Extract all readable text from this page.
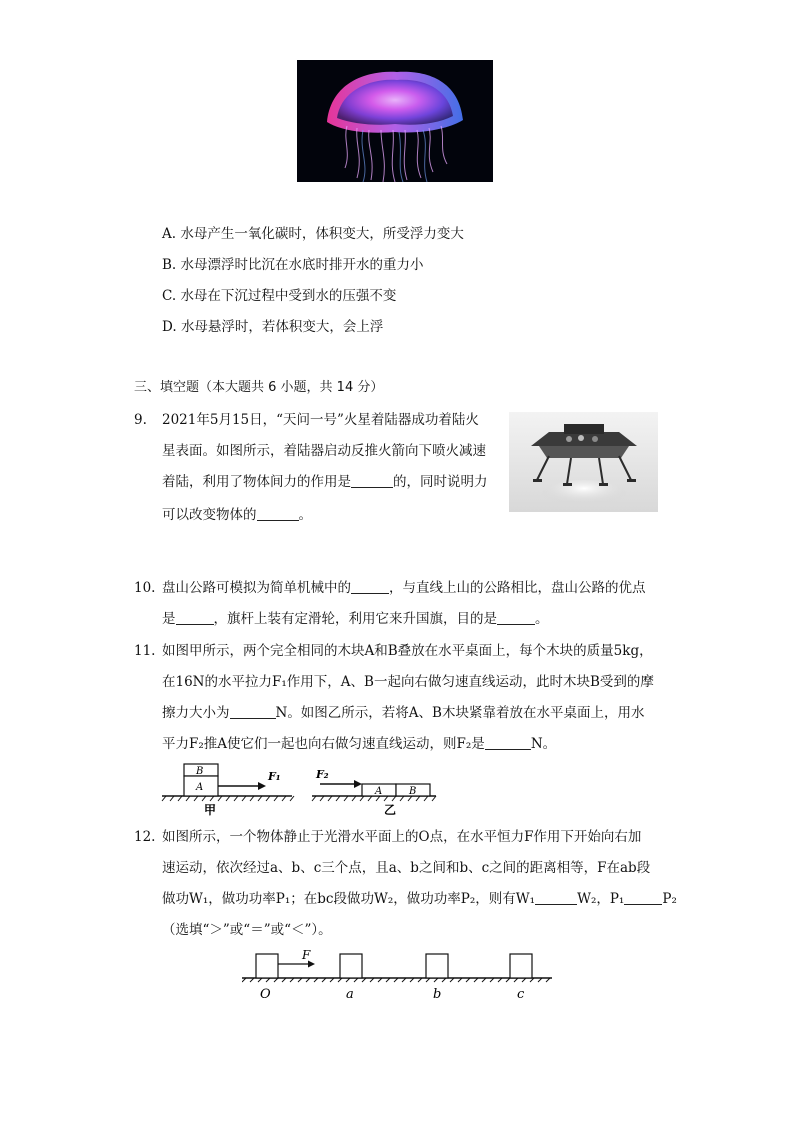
A. 水母产生一氧化碳时，体积变大，所受浮力变大
B. 水母漂浮时比沉在水底时排开水的重力小
C. 水母在下沉过程中受到水的压强不变
D. 水母悬浮时，若体积变大，会上浮
三、填空题（本大题共 6 小题，共 14 分）
9. 2021年5月15日，“天问一号”火星着陆器成功着陆火
星表面。如图所示，着陆器启动反推火箭向下喷火减速
着陆，利用了物体间力的作用是	的，同时说明力
可以改变物体的	。
10. 盘山公路可模拟为简单机械中的	，与直线上山的公路相比，盘山公路的优点
是	，旗杆上装有定滑轮，利用它来升国旗，目的是	。
11. 如图甲所示，两个完全相同的木块A和B叠放在水平桌面上，每个木块的质量5kg，
在16N的水平拉力F₁作用下，A、B一起向右做匀速直线运动，此时木块B受到的摩
擦力大小为	N。如图乙所示，若将A、B木块紧靠着放在水平桌面上，用水
平力F₂推A使它们一起也向右做匀速直线运动，则F₂是	N。
B
A
F₁
甲
F₂
A	B
乙
12. 如图所示，一个物体静止于光滑水平面上的O点，在水平恒力F作用下开始向右加
速运动，依次经过a、b、c三个点，且a、b之间和b、c之间的距离相等，F在ab段
做功W₁，做功功率P₁；在bc段做功W₂，做功功率P₂，则有W₁	W₂，P₁	P₂
（选填“＞”或“＝”或“＜”）。
F
O	a	b	c
